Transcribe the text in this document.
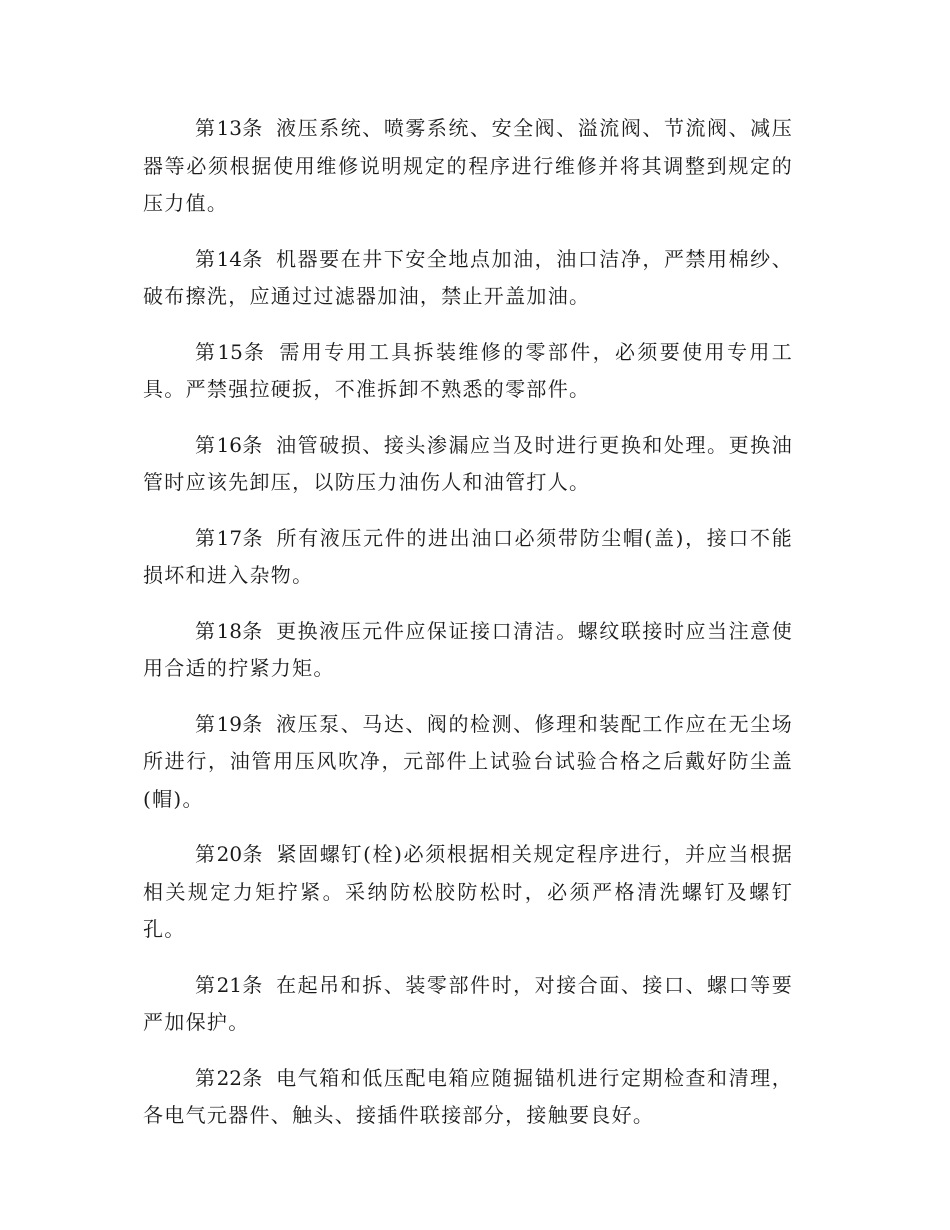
第13条 液压系统、喷雾系统、安全阀、溢流阀、节流阀、减压器等必须根据使用维修说明规定的程序进行维修并将其调整到规定的压力值。

第14条 机器要在井下安全地点加油，油口洁净，严禁用棉纱、破布擦洗，应通过过滤器加油，禁止开盖加油。

第15条 需用专用工具拆装维修的零部件，必须要使用专用工具。严禁强拉硬扳，不准拆卸不熟悉的零部件。

第16条 油管破损、接头渗漏应当及时进行更换和处理。更换油管时应该先卸压，以防压力油伤人和油管打人。

第17条 所有液压元件的进出油口必须带防尘帽(盖)，接口不能损坏和进入杂物。

第18条 更换液压元件应保证接口清洁。螺纹联接时应当注意使用合适的拧紧力矩。

第19条 液压泵、马达、阀的检测、修理和装配工作应在无尘场所进行，油管用压风吹净，元部件上试验台试验合格之后戴好防尘盖(帽)。

第20条 紧固螺钉(栓)必须根据相关规定程序进行，并应当根据相关规定力矩拧紧。采纳防松胶防松时，必须严格清洗螺钉及螺钉孔。

第21条 在起吊和拆、装零部件时，对接合面、接口、螺口等要严加保护。

第22条 电气箱和低压配电箱应随掘锚机进行定期检查和清理，各电气元器件、触头、接插件联接部分，接触要良好。
